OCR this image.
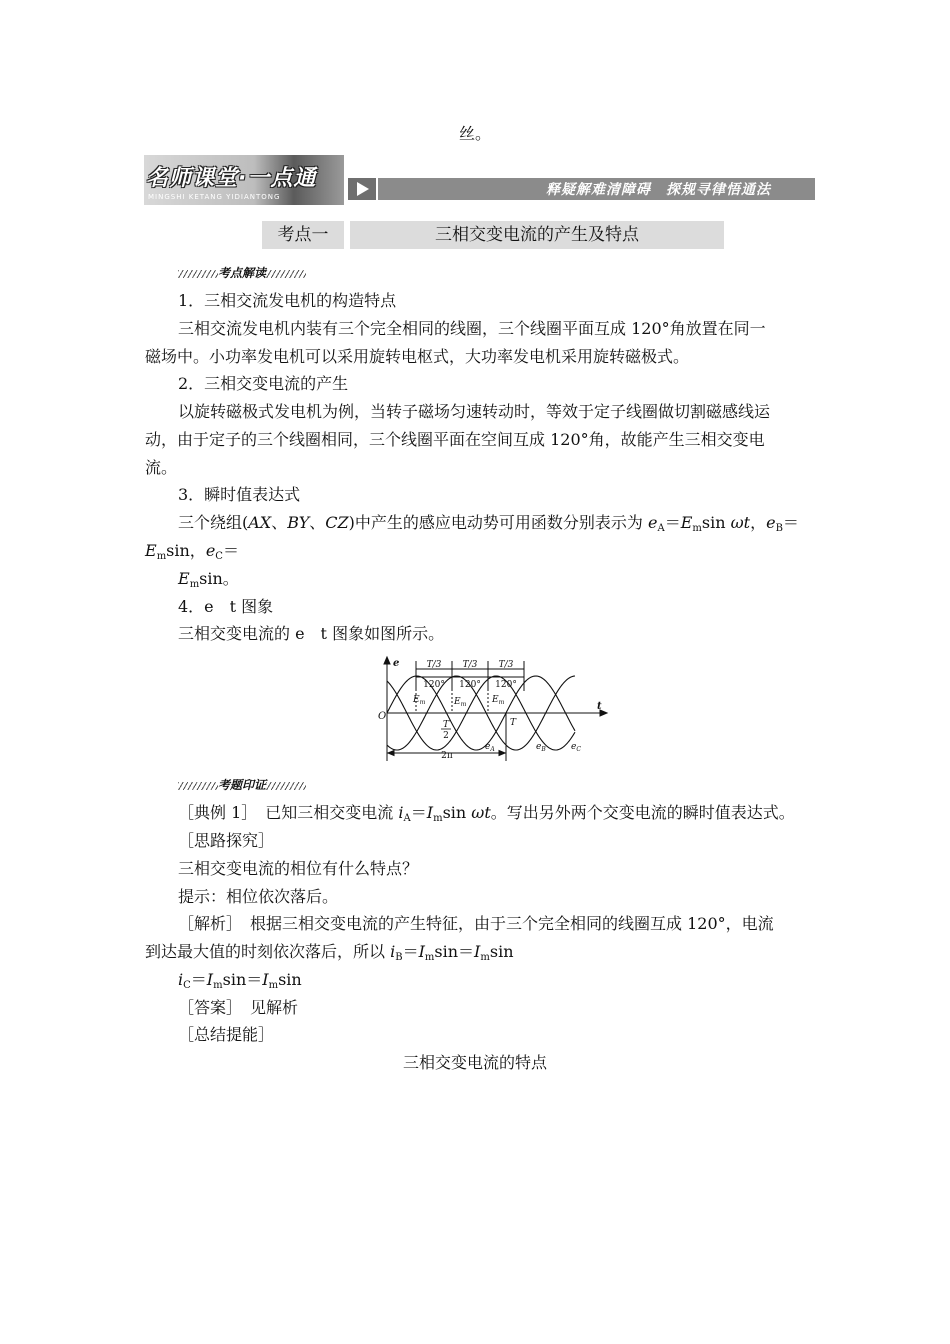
丝。
名师课堂·一点通
MINGSHI KETANG YIDIANTONG	释疑解难清障碍　探规寻律悟通法
考点一	三相交变电流的产生及特点
考点解读
1．三相交流发电机的构造特点
三相交流发电机内装有三个完全相同的线圈，三个线圈平面互成 120°角放置在同一
磁场中。小功率发电机可以采用旋转电枢式，大功率发电机采用旋转磁极式。
2．三相交变电流的产生
以旋转磁极式发电机为例，当转子磁场匀速转动时，等效于定子线圈做切割磁感线运
动，由于定子的三个线圈相同，三个线圈平面在空间互成 120°角，故能产生三相交变电
流。
3．瞬时值表达式
三个绕组(AX、BY、CZ)中产生的感应电动势可用函数分别表示为 $e_A=E_m\sin$ ωt，$e_B=$
$E_m\sin$，$e_C=$
$E_m\sin$。
4．e　t 图象
三相交变电流的 e　t 图象如图所示。
e
t
O
T/3 T/3 T/3
120° 120° 120°
$E_m$	$E_m$	$E_m$
T
2
T
2π
$e_A$	$e_B$	$e_C$
考题印证
［典例 1］　已知三相交变电流 $i_A=I_m\sin$ ωt。写出另外两个交变电流的瞬时值表达式。
［思路探究］
三相交变电流的相位有什么特点？
提示：相位依次落后。
［解析］　根据三相交变电流的产生特征，由于三个完全相同的线圈互成 120°，电流
到达最大值的时刻依次落后，所以 $i_B=I_m\sin=I_m\sin$
$i_C=I_m\sin=I_m\sin$
［答案］　见解析
［总结提能］
三相交变电流的特点
